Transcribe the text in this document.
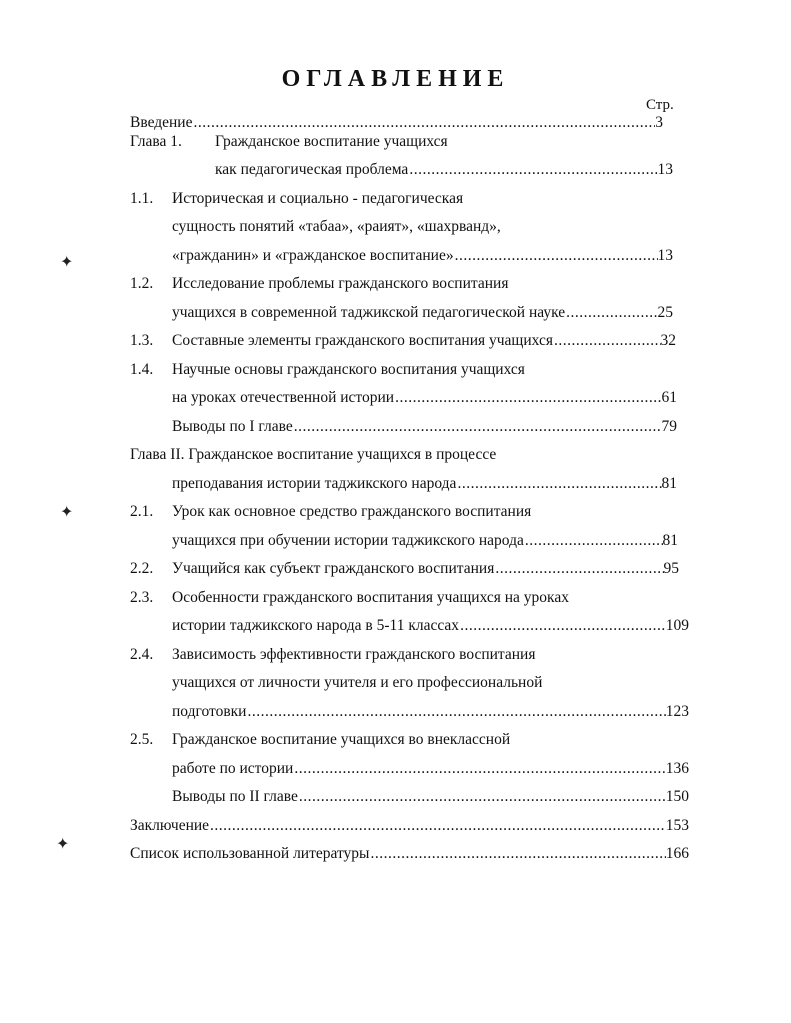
ОГЛАВЛЕНИЕ
Стр.
Введение .....	3
Глава 1. Гражданское воспитание учащихся
как педагогическая проблема .....	13
1.1. Историческая и социально - педагогическая
сущность понятий «табаа», «раият», «шахрванд»,
«гражданин» и «гражданское воспитание» .....	13
1.2. Исследование проблемы гражданского воспитания
учащихся в современной таджикской педагогической науке .....	25
1.3. Составные элементы гражданского воспитания учащихся .....	32
1.4. Научные основы гражданского воспитания учащихся
на уроках отечественной истории .....	61
Выводы по I главе .....	79
Глава II. Гражданское воспитание учащихся в процессе
преподавания истории таджикского народа .....	81
2.1. Урок как основное средство гражданского воспитания
учащихся при обучении истории таджикского народа .....	81
2.2. Учащийся как субъект гражданского воспитания .....	95
2.3. Особенности гражданского воспитания учащихся на уроках
истории таджикского народа в 5-11 классах .....	109
2.4. Зависимость эффективности гражданского воспитания
учащихся от личности учителя и его профессиональной
подготовки .....	123
2.5. Гражданское воспитание учащихся во внеклассной
работе по истории .....	136
Выводы по II главе .....	150
Заключение .....	153
Список использованной литературы .....	166
✦
✦
✦
